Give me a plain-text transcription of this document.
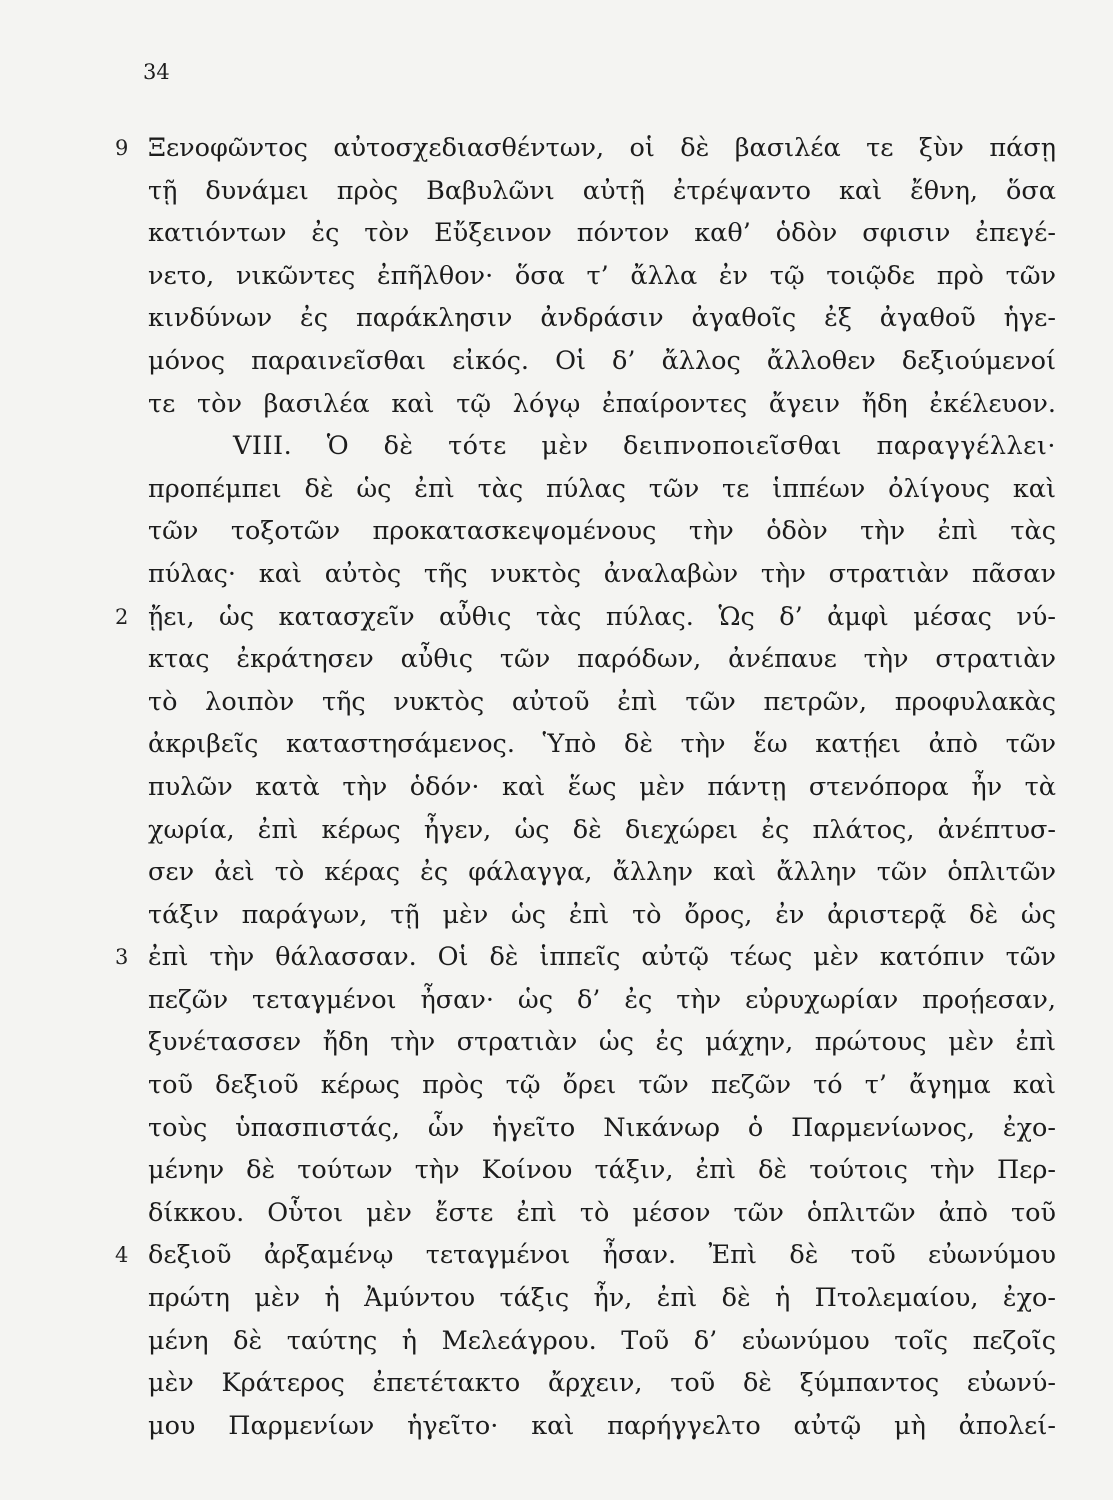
34
9 Ξενοφῶντος αὐτοσχεδιασθέντων, οἱ δὲ βασιλέα τε ξὺν πάσῃ
τῇ δυνάμει πρὸς Βαβυλῶνι αὐτῇ ἐτρέψαντο καὶ ἔθνη, ὅσα
κατιόντων ἐς τὸν Εὔξεινον πόντον καθ’ ὁδὸν σφισιν ἐπεγέ-
νετο, νικῶντες ἐπῆλθον· ὅσα τ’ ἄλλα ἐν τῷ τοιῷδε πρὸ τῶν
κινδύνων ἐς παράκλησιν ἀνδράσιν ἀγαθοῖς ἐξ ἀγαθοῦ ἡγε-
μόνος παραινεῖσθαι εἰκός. Οἱ δ’ ἄλλος ἄλλοθεν δεξιούμενοί
τε τὸν βασιλέα καὶ τῷ λόγῳ ἐπαίροντες ἄγειν ἤδη ἐκέλευον.
VIII. Ὁ δὲ τότε μὲν δειπνοποιεῖσθαι παραγγέλλει·
προπέμπει δὲ ὡς ἐπὶ τὰς πύλας τῶν τε ἱππέων ὀλίγους καὶ
τῶν τοξοτῶν προκατασκεψομένους τὴν ὁδὸν τὴν ἐπὶ τὰς
πύλας· καὶ αὐτὸς τῆς νυκτὸς ἀναλαβὼν τὴν στρατιὰν πᾶσαν
2 ᾔει, ὡς κατασχεῖν αὖθις τὰς πύλας. Ὡς δ’ ἀμφὶ μέσας νύ-
κτας ἐκράτησεν αὖθις τῶν παρόδων, ἀνέπαυε τὴν στρατιὰν
τὸ λοιπὸν τῆς νυκτὸς αὐτοῦ ἐπὶ τῶν πετρῶν, προφυλακὰς
ἀκριβεῖς καταστησάμενος. Ὑπὸ δὲ τὴν ἕω κατῄει ἀπὸ τῶν
πυλῶν κατὰ τὴν ὁδόν· καὶ ἕως μὲν πάντῃ στενόπορα ἦν τὰ
χωρία, ἐπὶ κέρως ἦγεν, ὡς δὲ διεχώρει ἐς πλάτος, ἀνέπτυσ-
σεν ἀεὶ τὸ κέρας ἐς φάλαγγα, ἄλλην καὶ ἄλλην τῶν ὁπλιτῶν
τάξιν παράγων, τῇ μὲν ὡς ἐπὶ τὸ ὄρος, ἐν ἀριστερᾷ δὲ ὡς
3 ἐπὶ τὴν θάλασσαν. Οἱ δὲ ἱππεῖς αὐτῷ τέως μὲν κατόπιν τῶν
πεζῶν τεταγμένοι ἦσαν· ὡς δ’ ἐς τὴν εὐρυχωρίαν προῄεσαν,
ξυνέτασσεν ἤδη τὴν στρατιὰν ὡς ἐς μάχην, πρώτους μὲν ἐπὶ
τοῦ δεξιοῦ κέρως πρὸς τῷ ὄρει τῶν πεζῶν τό τ’ ἄγημα καὶ
τοὺς ὑπασπιστάς, ὧν ἡγεῖτο Νικάνωρ ὁ Παρμενίωνος, ἐχο-
μένην δὲ τούτων τὴν Κοίνου τάξιν, ἐπὶ δὲ τούτοις τὴν Περ-
δίκκου. Οὗτοι μὲν ἔστε ἐπὶ τὸ μέσον τῶν ὁπλιτῶν ἀπὸ τοῦ
4 δεξιοῦ ἀρξαμένῳ τεταγμένοι ἦσαν. Ἐπὶ δὲ τοῦ εὐωνύμου
πρώτη μὲν ἡ Ἀμύντου τάξις ἦν, ἐπὶ δὲ ἡ Πτολεμαίου, ἐχο-
μένη δὲ ταύτης ἡ Μελεάγρου. Τοῦ δ’ εὐωνύμου τοῖς πεζοῖς
μὲν Κράτερος ἐπετέτακτο ἄρχειν, τοῦ δὲ ξύμπαντος εὐωνύ-
μου Παρμενίων ἡγεῖτο· καὶ παρήγγελτο αὐτῷ μὴ ἀπολεί-
